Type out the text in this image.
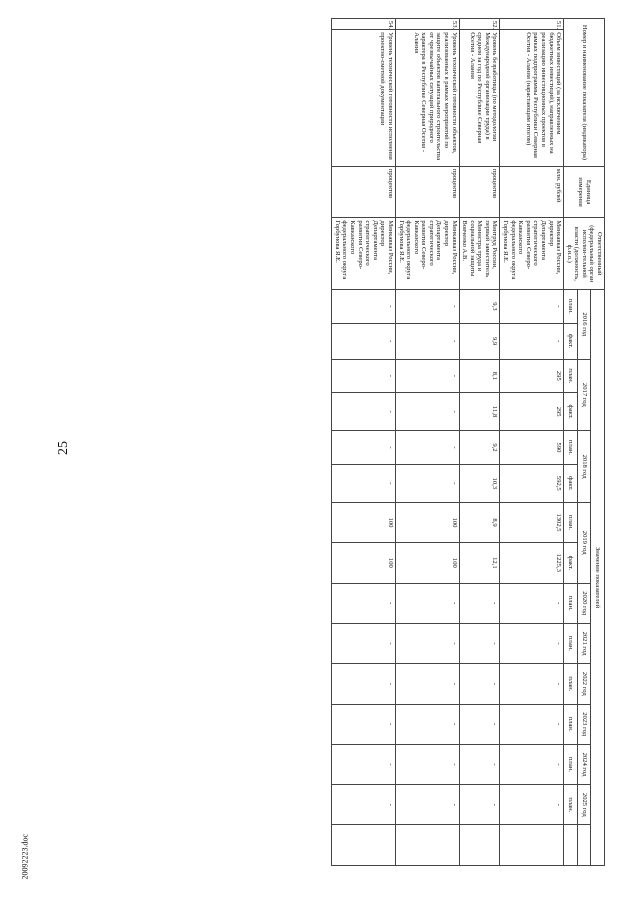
25
20092223.doc
Номер и наименование показателя (индикатора)		Единица измерения	Ответственный (федеральный орган исполни-тельной власти (должность, ф.и.о.)	Значение показателей														
				2016 год		2017 год		2018 год		2019 год		2020 год	2021 год	2022 год	2023 год	2024 год	2025 год	
				план.	факт.	план.	факт.	план.	факт.	план.	факт.	план.	план.	план.	план.	план.	план.	
51.	Объем инвестиций (за исключением бюджетных инвестиций), направленных на реализацию инвестиционных проектов в рамках подпрограммы Республики Северная Осетия - Алания (нарастающим итогом)	млн. рублей	Минкавказ России, директор Департамента стратегического развития Северо-Кавказского федерального округа Горбунова Я.Е.	-	-	295	295	590	592,5	1302,5	1225,3	-	-	-	-	-	-	
52.	Уровень безработицы (по методологии Международной организации труда) в среднем за год по Республике Северная Осетия - Алания	процентов	Минтруд России, первый заместитель Министра труда и социальной защиты Вовченко А.В.	9,3	9,9	8,1	11,8	9,2	10,3	8,9	12,1	-	-	-	-	-	-	
53.	Уровень технической готовности объектов, реализованных в рамках мероприятий по защите объектов капитального строительства от чрезвычайных ситуаций природного характера в Республике Северная Осетия - Алания	процентов	Минкавказ России, директор Департамента стратегического развития Северо-Кавказского федерального округа Горбунова Я.Е.	-	-	-	-	-	-	100	100	-	-	-	-	-	-	
54.	Уровень технической готовности исполнения проектно-сметной документации	процентов	Минкавказ России, директор Департамента стратегического развития Северо-Кавказского федерального округа Горбунова Я.Е.	-	-	-	-	-	-	100	100	-	-	-	-	-	-	
